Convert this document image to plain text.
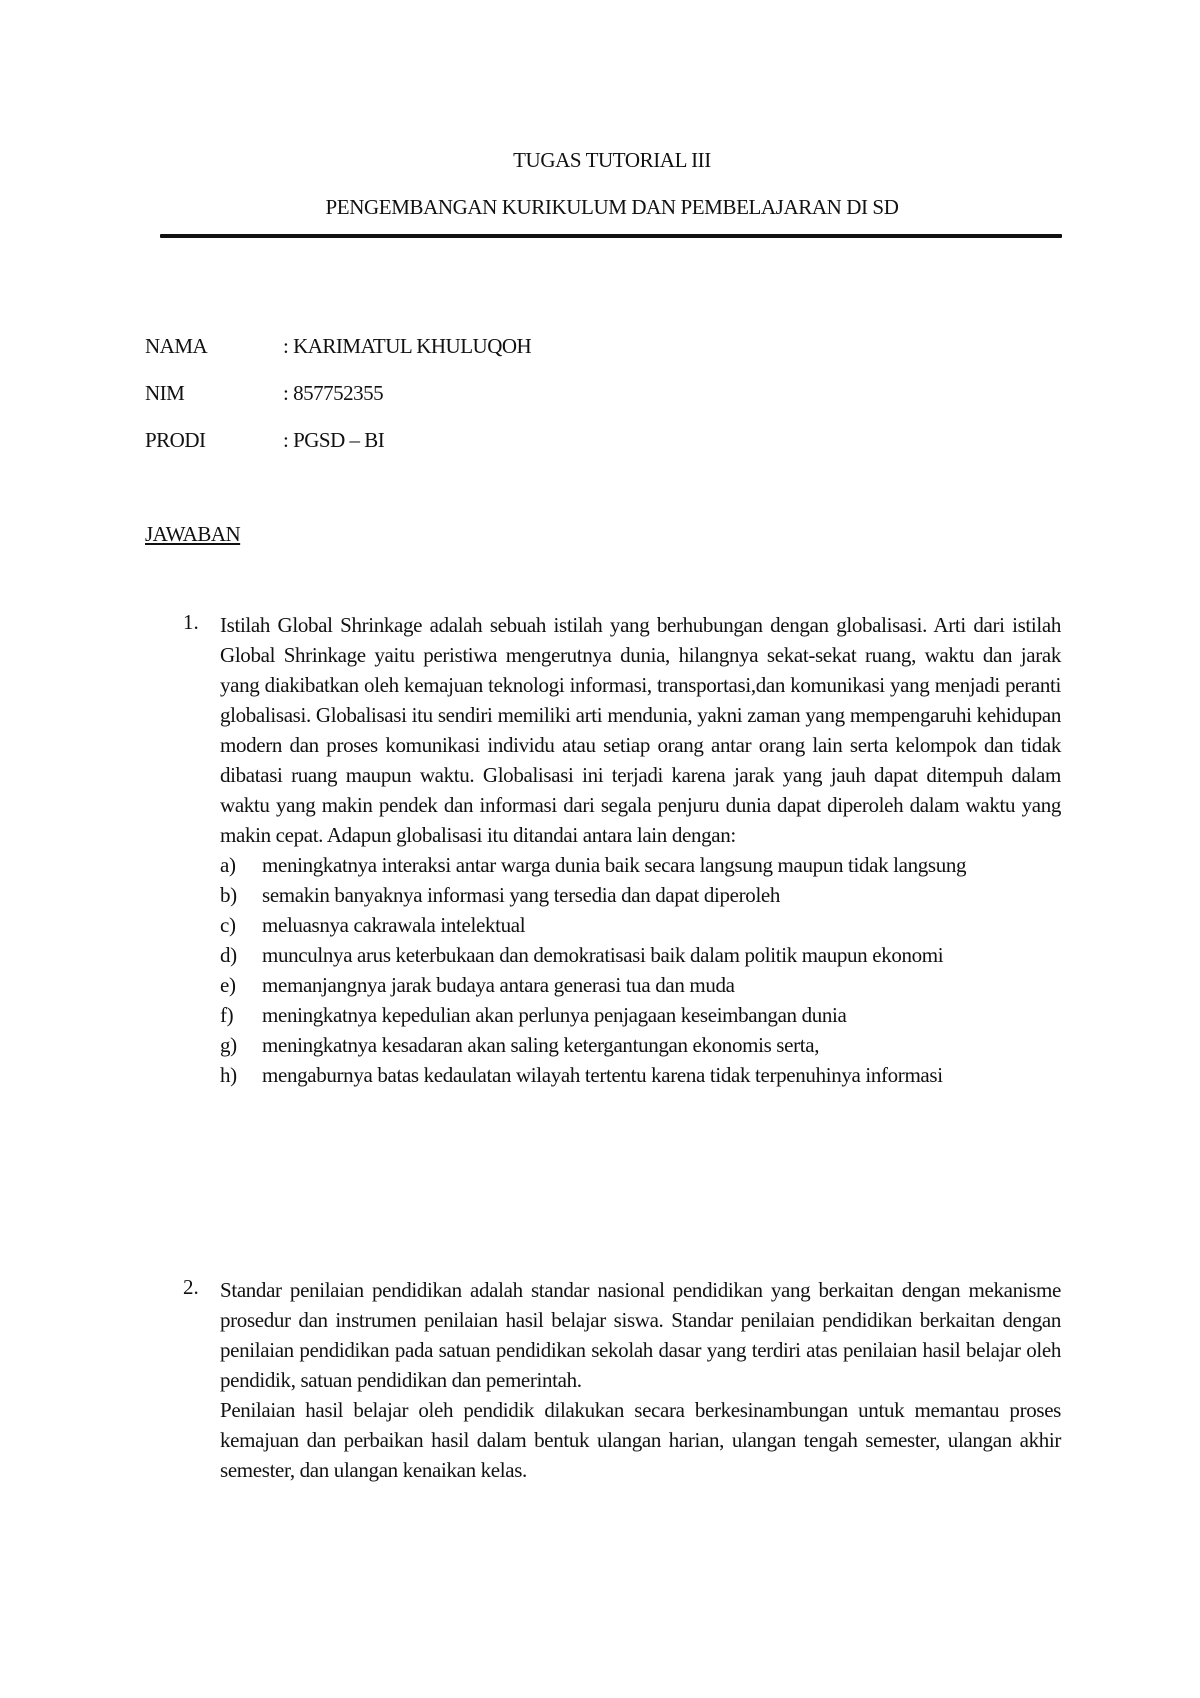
TUGAS TUTORIAL III
PENGEMBANGAN KURIKULUM DAN PEMBELAJARAN DI SD
NAMA	: KARIMATUL KHULUQOH
NIM	: 857752355
PRODI	: PGSD – BI
JAWABAN
1. Istilah Global Shrinkage adalah sebuah istilah yang berhubungan dengan globalisasi. Arti dari istilah Global Shrinkage yaitu peristiwa mengerutnya dunia, hilangnya sekat-sekat ruang, waktu dan jarak yang diakibatkan oleh kemajuan teknologi informasi, transportasi,dan komunikasi yang menjadi peranti globalisasi. Globalisasi itu sendiri memiliki arti mendunia, yakni zaman yang mempengaruhi kehidupan modern dan proses komunikasi individu atau setiap orang antar orang lain serta kelompok dan tidak dibatasi ruang maupun waktu. Globalisasi ini terjadi karena jarak yang jauh dapat ditempuh dalam waktu yang makin pendek dan informasi dari segala penjuru dunia dapat diperoleh dalam waktu yang makin cepat. Adapun globalisasi itu ditandai antara lain dengan:

a) meningkatnya interaksi antar warga dunia baik secara langsung maupun tidak langsung
b) semakin banyaknya informasi yang tersedia dan dapat diperoleh
c) meluasnya cakrawala intelektual
d) munculnya arus keterbukaan dan demokratisasi baik dalam politik maupun ekonomi
e) memanjangnya jarak budaya antara generasi tua dan muda
f) meningkatnya kepedulian akan perlunya penjagaan keseimbangan dunia
g) meningkatnya kesadaran akan saling ketergantungan ekonomis serta,
h) mengaburnya batas kedaulatan wilayah tertentu karena tidak terpenuhinya informasi
2. Standar penilaian pendidikan adalah standar nasional pendidikan yang berkaitan dengan mekanisme prosedur dan instrumen penilaian hasil belajar siswa. Standar penilaian pendidikan berkaitan dengan penilaian pendidikan pada satuan pendidikan sekolah dasar yang terdiri atas penilaian hasil belajar oleh pendidik, satuan pendidikan dan pemerintah.

Penilaian hasil belajar oleh pendidik dilakukan secara berkesinambungan untuk memantau proses kemajuan dan perbaikan hasil dalam bentuk ulangan harian, ulangan tengah semester, ulangan akhir semester, dan ulangan kenaikan kelas.
